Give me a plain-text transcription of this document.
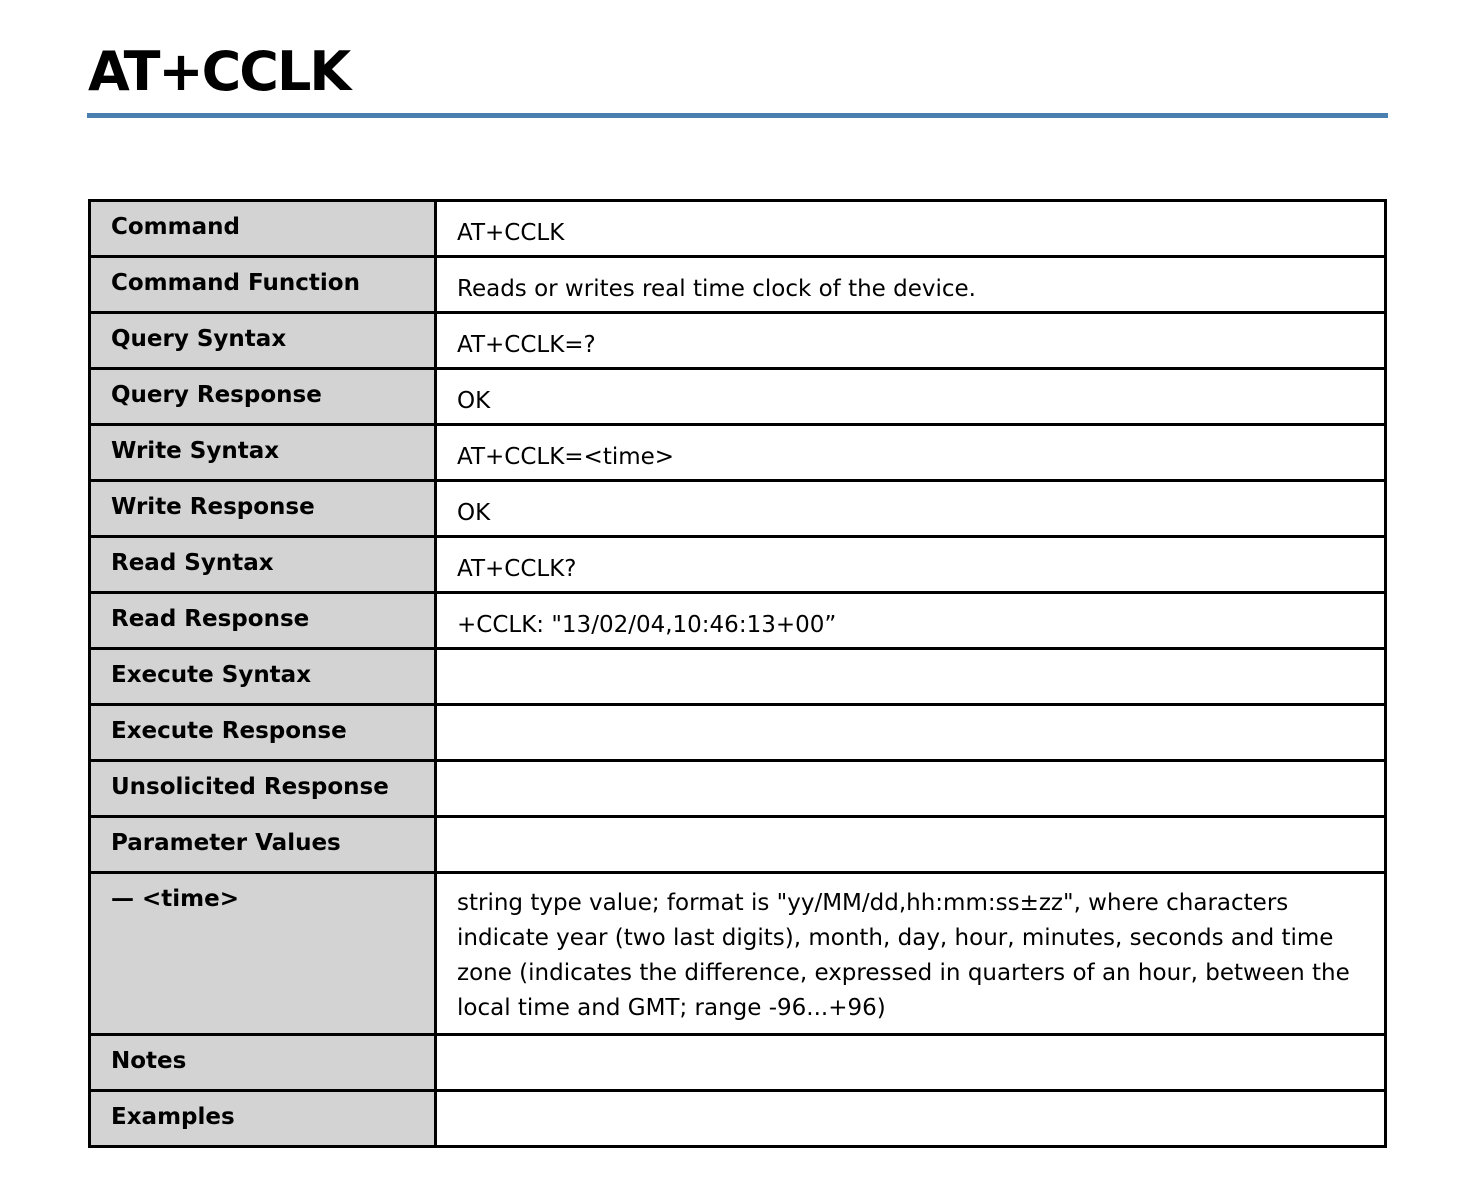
AT+CCLK
Command	AT+CCLK

Command Function	Reads or writes real time clock of the device.

Query Syntax	AT+CCLK=?

Query Response	OK

Write Syntax	AT+CCLK=<time>

Write Response	OK

Read Syntax	AT+CCLK?

Read Response	+CCLK: "13/02/04,10:46:13+00”

Execute Syntax	

Execute Response	

Unsolicited Response	

Parameter Values	

— <time>	string type value; format is "yy/MM/dd,hh:mm:ss±zz", where characters indicate year (two last digits), month, day, hour, minutes, seconds and time zone (indicates the difference, expressed in quarters of an hour, between the local time and GMT; range -96...+96)

Notes	

Examples	
